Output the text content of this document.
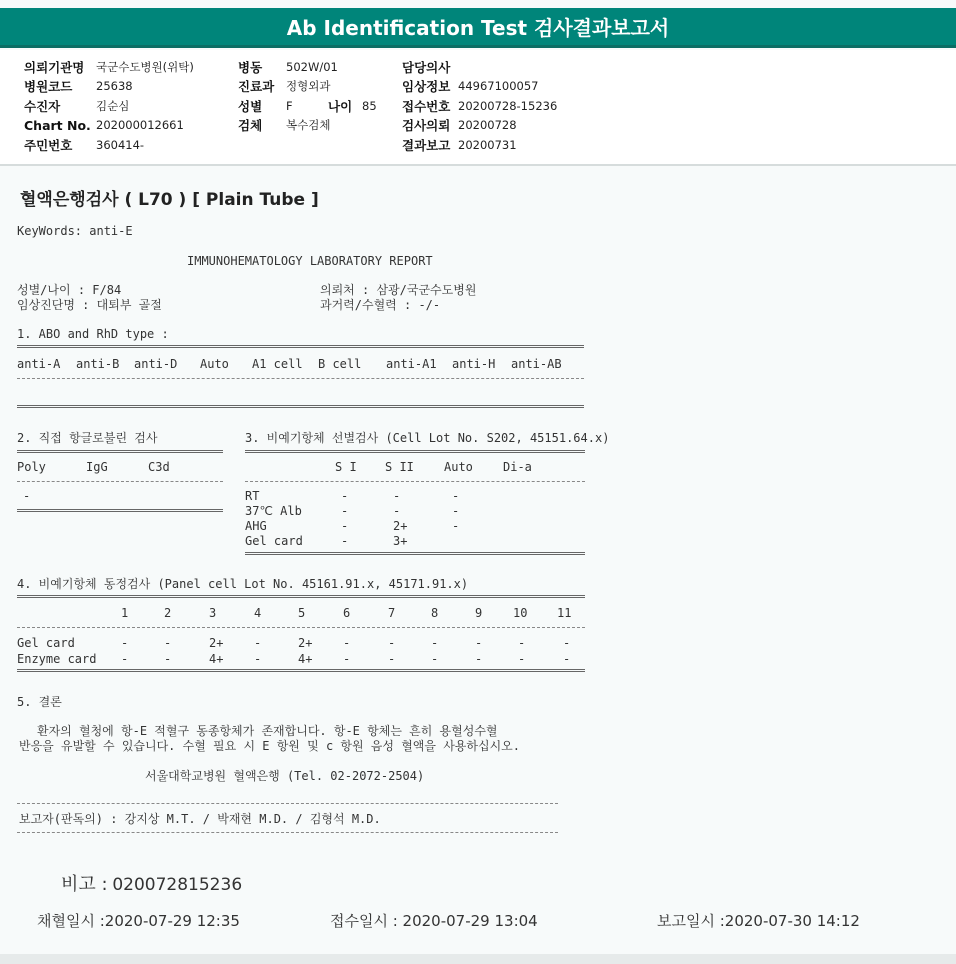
Ab Identification Test 검사결과보고서
의뢰기관명	국군수도병원(위탁)
병원코드	25638
수진자	김순심
Chart No. 202000012661
주민번호	360414-
병동	502W/01
진료과	정형외과
성별	F	나이 85
검체	복수검체
담당의사
임상정보 44967100057
접수번호 20200728-15236
검사의뢰 20200728
결과보고 20200731
혈액은행검사 ( L70 ) [ Plain Tube ]
KeyWords: anti-E
IMMUNOHEMATOLOGY LABORATORY REPORT
성별/나이 : F/84
임상진단명 : 대퇴부 골절
의뢰처 : 삼광/국군수도병원
과거력/수혈력 : -/-
1. ABO and RhD type :
anti-A anti-B anti-D Auto A1 cell B cell anti-A1 anti-H anti-AB
2. 직접 항글로불린 검사
Poly	IgG	C3d
-
3. 비예기항체 선별검사 (Cell Lot No. S202, 45151.64.x)
S I S II	Auto	Di-a
RT	-	-	-
37℃ Alb	-	-	-
AHG	-	2+	-
Gel card	-	3+
4. 비예기항체 동정검사 (Panel cell Lot No. 45161.91.x, 45171.91.x)
1	2	3	4	5	6	7	8	9	10 11
Gel card	-	-	2+	-	2+	-	-	-	-	-	-
Enzyme card -	-	4+	-	4+	-	-	-	-	-	-
5. 결론
환자의 혈청에 항-E 적혈구 동종항체가 존재합니다. 항-E 항체는 흔히 용혈성수혈
반응을 유발할 수 있습니다. 수혈 필요 시 E 항원 및 c 항원 음성 혈액을 사용하십시오.
서울대학교병원 혈액은행 (Tel. 02-2072-2504)
보고자(판독의) : 강지상 M.T. / 박재현 M.D. / 김형석 M.D.
비고 : 020072815236
채혈일시 :2020-07-29 12:35	접수일시 : 2020-07-29 13:04	보고일시 :2020-07-30 14:12
